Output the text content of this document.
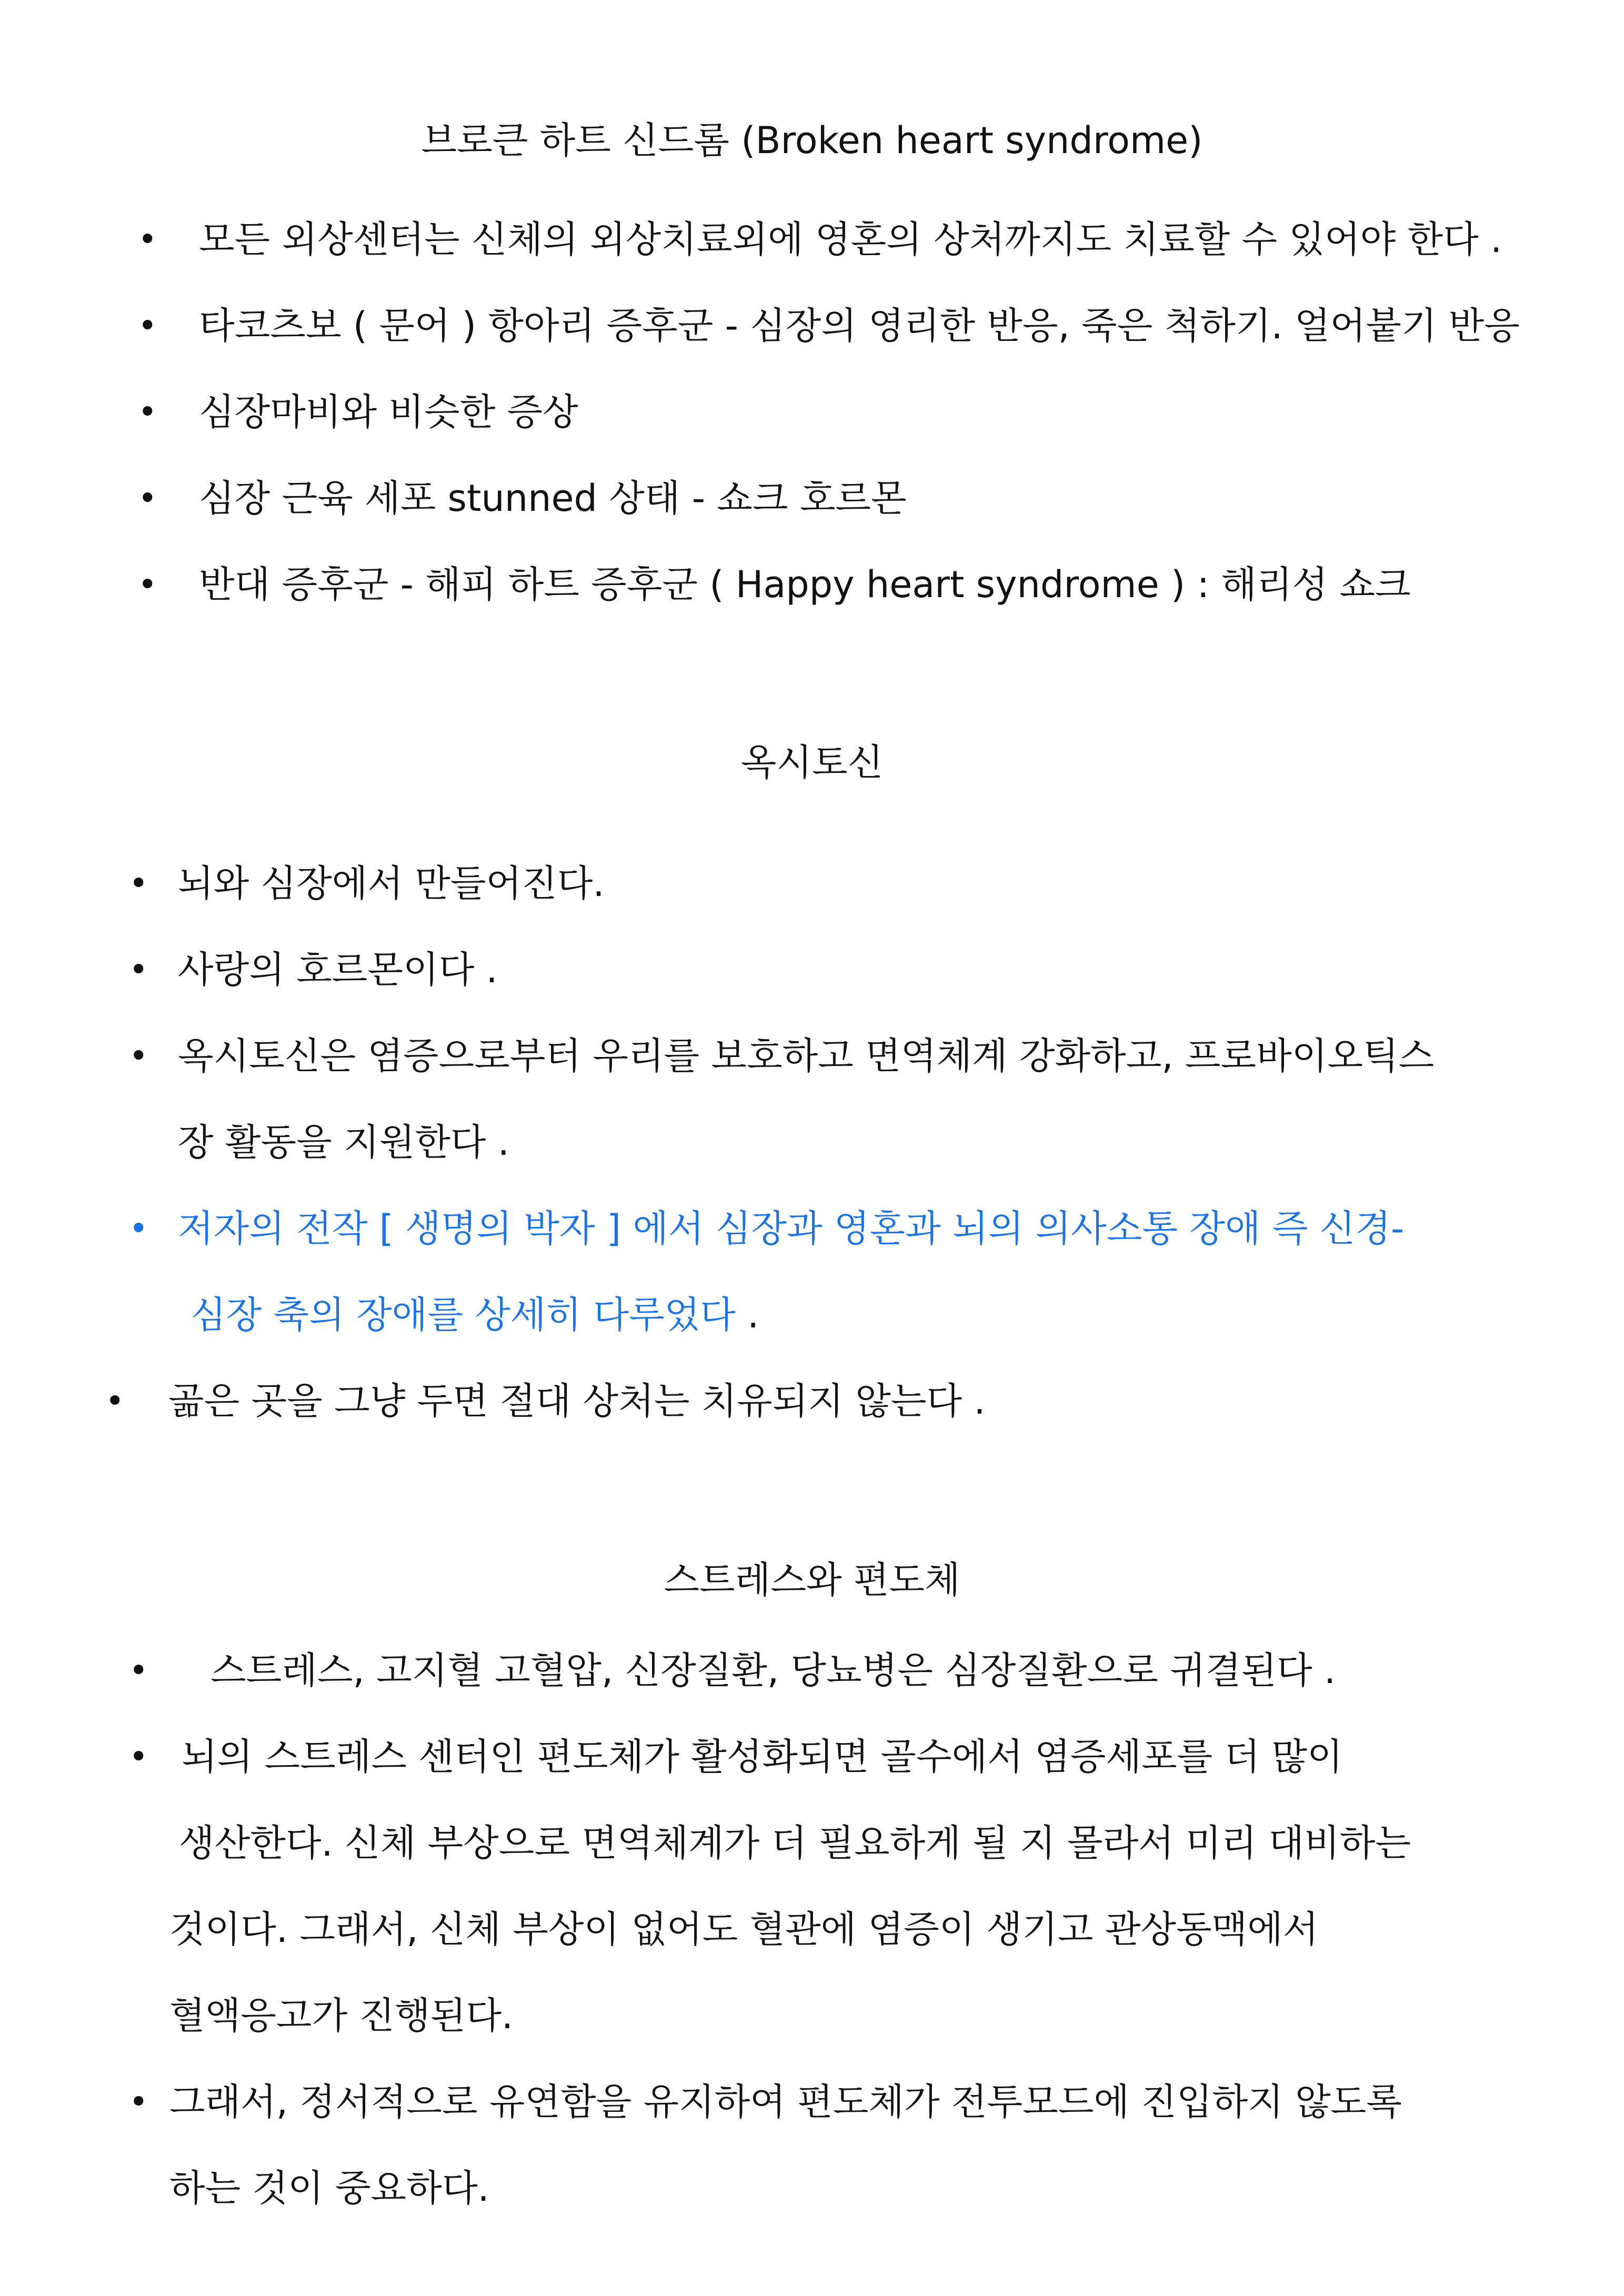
브로큰 하트 신드롬 (Broken heart syndrome)
• 모든 외상센터는 신체의 외상치료외에 영혼의 상처까지도 치료할 수 있어야 한다 .
• 타코츠보 ( 문어 ) 항아리 증후군 - 심장의 영리한 반응, 죽은 척하기. 얼어붙기 반응
• 심장마비와 비슷한 증상
• 심장 근육 세포 stunned 상태 - 쇼크 호르몬
• 반대 증후군 - 해피 하트 증후군 ( Happy heart syndrome ) : 해리성 쇼크
옥시토신
• 뇌와 심장에서 만들어진다.
• 사랑의 호르몬이다 .
• 옥시토신은 염증으로부터 우리를 보호하고 면역체계 강화하고, 프로바이오틱스
장 활동을 지원한다 .
• 저자의 전작 [ 생명의 박자 ] 에서 심장과 영혼과 뇌의 의사소통 장애 즉 신경-
심장 축의 장애를 상세히 다루었다 .
• 곪은 곳을 그냥 두면 절대 상처는 치유되지 않는다 .
스트레스와 편도체
• 스트레스, 고지혈 고혈압, 신장질환, 당뇨병은 심장질환으로 귀결된다 .
• 뇌의 스트레스 센터인 편도체가 활성화되면 골수에서 염증세포를 더 많이
생산한다. 신체 부상으로 면역체계가 더 필요하게 될 지 몰라서 미리 대비하는
것이다. 그래서, 신체 부상이 없어도 혈관에 염증이 생기고 관상동맥에서
혈액응고가 진행된다.
• 그래서, 정서적으로 유연함을 유지하여 편도체가 전투모드에 진입하지 않도록
하는 것이 중요하다.
